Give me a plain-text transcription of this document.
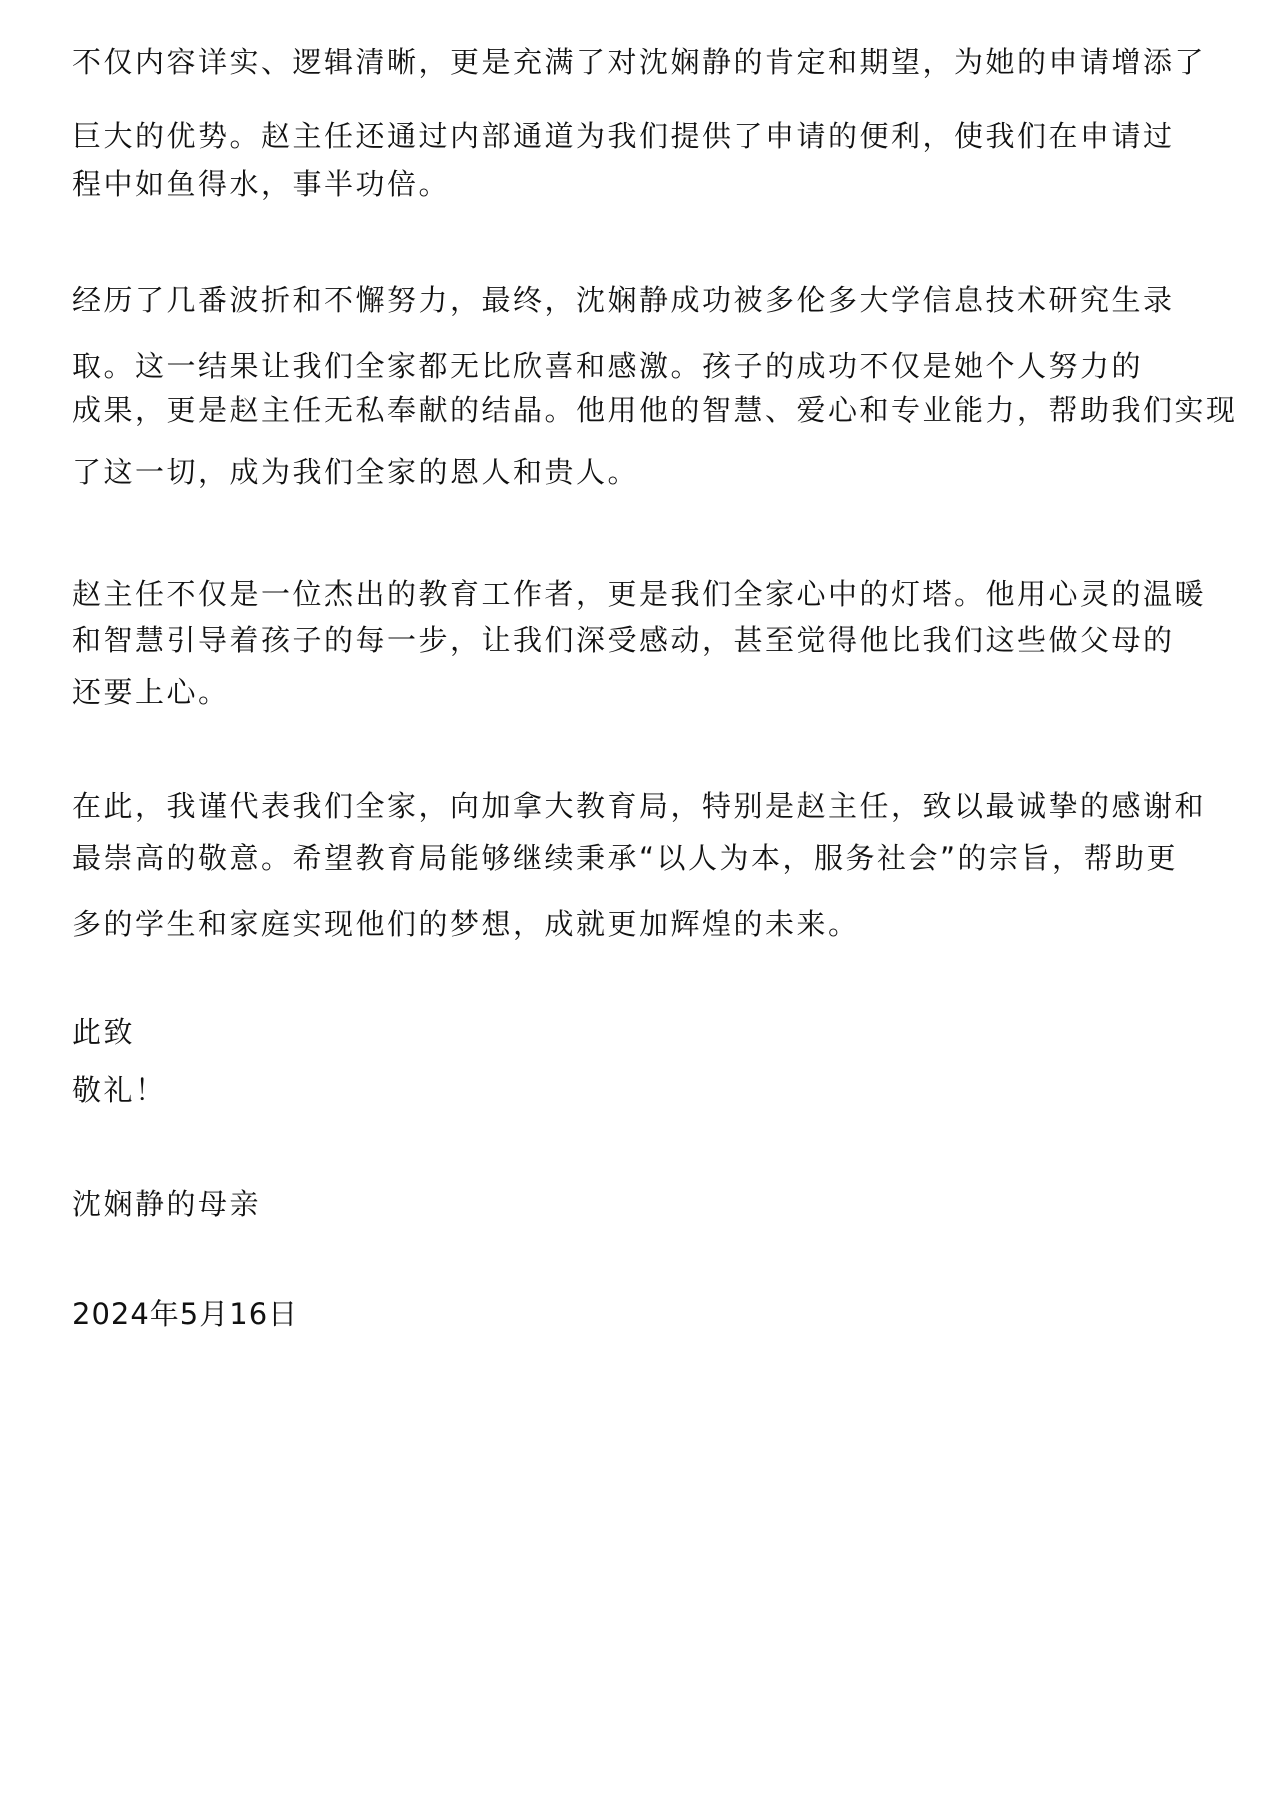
不仅内容详实、逻辑清晰，更是充满了对沈娴静的肯定和期望，为她的申请增添了
巨大的优势。赵主任还通过内部通道为我们提供了申请的便利，使我们在申请过
程中如鱼得水，事半功倍。
经历了几番波折和不懈努力，最终，沈娴静成功被多伦多大学信息技术研究生录
取。这一结果让我们全家都无比欣喜和感激。孩子的成功不仅是她个人努力的
成果，更是赵主任无私奉献的结晶。他用他的智慧、爱心和专业能力，帮助我们实现
了这一切，成为我们全家的恩人和贵人。
赵主任不仅是一位杰出的教育工作者，更是我们全家心中的灯塔。他用心灵的温暖
和智慧引导着孩子的每一步，让我们深受感动，甚至觉得他比我们这些做父母的
还要上心。
在此，我谨代表我们全家，向加拿大教育局，特别是赵主任，致以最诚挚的感谢和
最崇高的敬意。希望教育局能够继续秉承“以人为本，服务社会”的宗旨，帮助更
多的学生和家庭实现他们的梦想，成就更加辉煌的未来。
此致
敬礼！
沈娴静的母亲
2024年5月16日
